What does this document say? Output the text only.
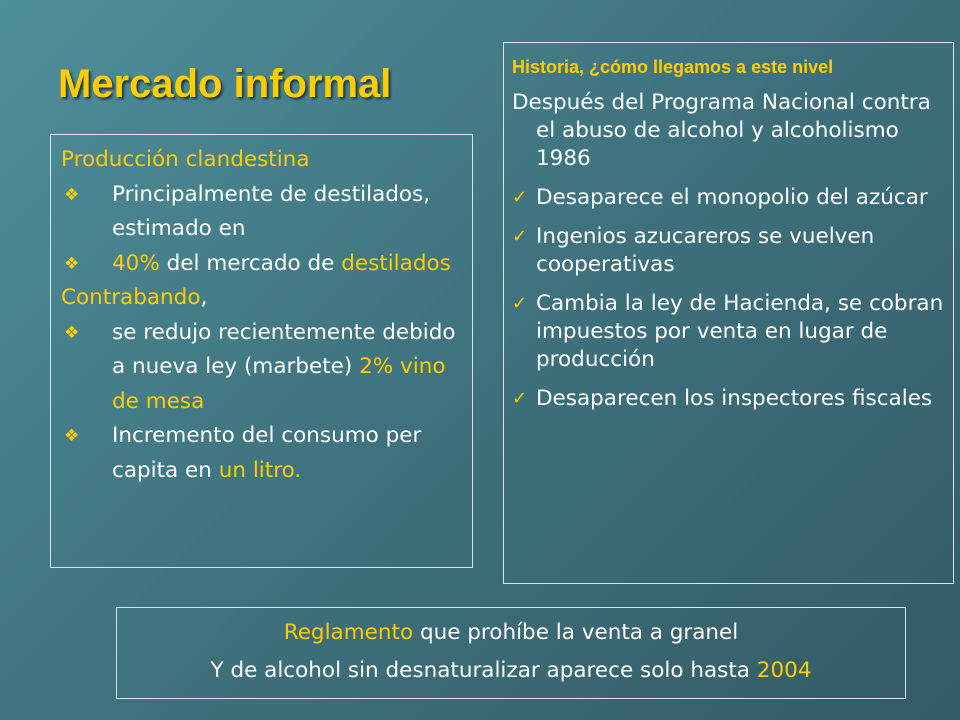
Mercado informal

Producción clandestina

❖	Principalmente de destilados, estimado en
❖	40% del mercado de destilados

Contrabando,

❖	se redujo recientemente debido a nueva ley (marbete) 2% vino de mesa
❖	Incremento del consumo per capita en un litro.

Historia, ¿cómo llegamos a este nivel

Después del Programa Nacional contra el abuso de alcohol y alcoholismo 1986

✓ Desaparece el monopolio del azúcar
✓ Ingenios azucareros se vuelven cooperativas
✓ Cambia la ley de Hacienda, se cobran impuestos por venta en lugar de producción
✓ Desaparecen los inspectores fiscales

Reglamento que prohíbe la venta a granel

Y de alcohol sin desnaturalizar aparece solo hasta 2004
